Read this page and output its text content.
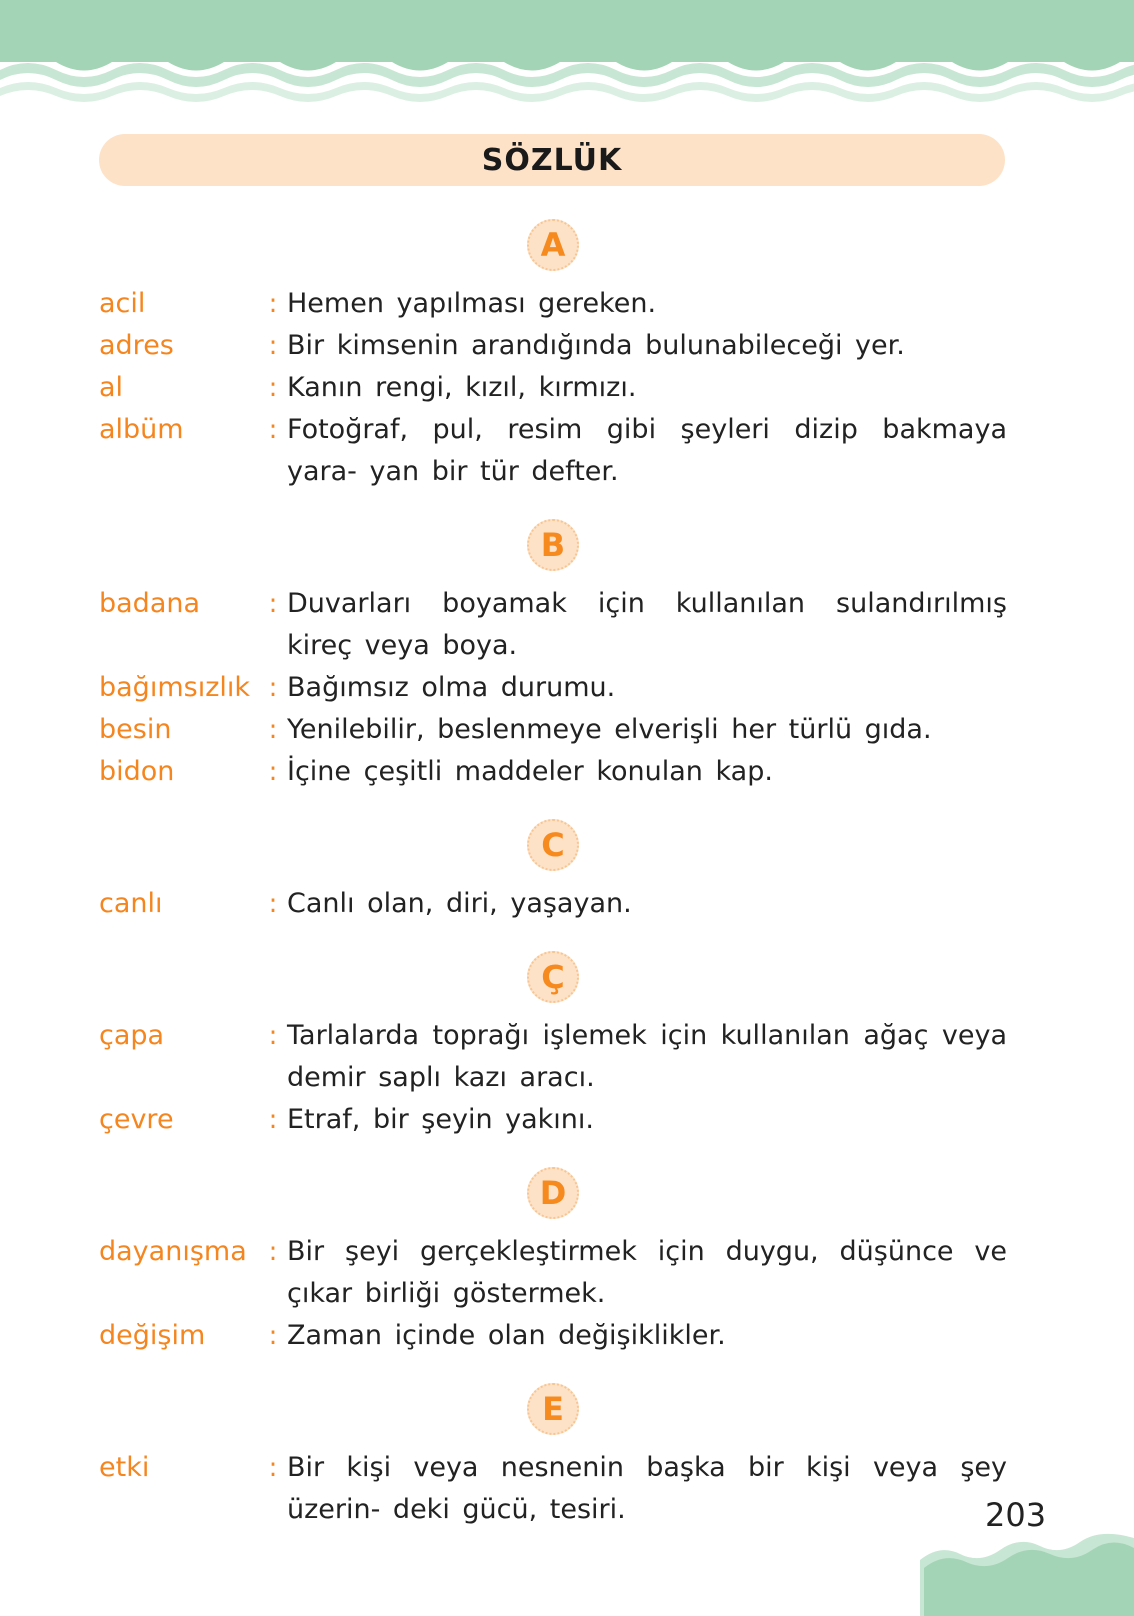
SÖZLÜK
A
acil	: Hemen yapılması gereken.
adres	: Bir kimsenin arandığında bulunabileceği yer.
al	: Kanın rengi, kızıl, kırmızı.
albüm	: Fotoğraf, pul, resim gibi şeyleri dizip bakmaya yara- yan bir tür defter.
B
badana	: Duvarları boyamak için kullanılan sulandırılmış kireç veya boya.
bağımsızlık : Bağımsız olma durumu.
besin	: Yenilebilir, beslenmeye elverişli her türlü gıda.
bidon	: İçine çeşitli maddeler konulan kap.
C
canlı	: Canlı olan, diri, yaşayan.
Ç
çapa	: Tarlalarda toprağı işlemek için kullanılan ağaç veya demir saplı kazı aracı.
çevre	: Etraf, bir şeyin yakını.
D
dayanışma : Bir şeyi gerçekleştirmek için duygu, düşünce ve çıkar birliği göstermek.
değişim	: Zaman içinde olan değişiklikler.
E
etki	: Bir kişi veya nesnenin başka bir kişi veya şey üzerin- deki gücü, tesiri.	203
